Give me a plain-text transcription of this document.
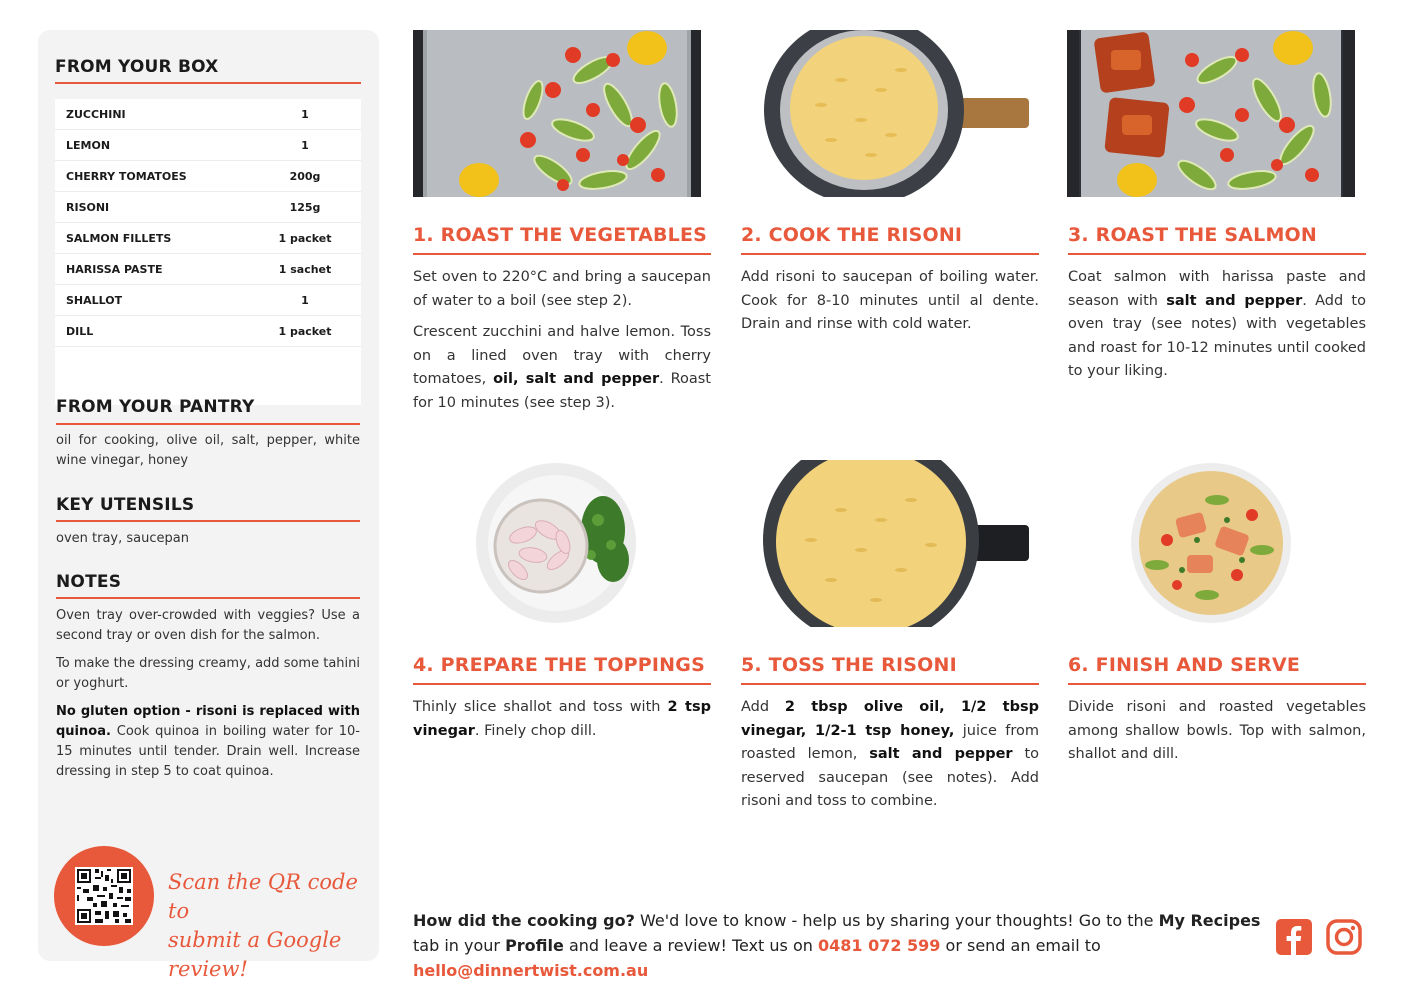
FROM YOUR BOX
ZUCCHINI	1
LEMON	1
CHERRY TOMATOES	200g
RISONI	125g
SALMON FILLETS	1 packet
HARISSA PASTE	1 sachet
SHALLOT	1
DILL	1 packet
FROM YOUR PANTRY
oil for cooking, olive oil, salt, pepper, white wine vinegar, honey
KEY UTENSILS
oven tray, saucepan
NOTES

Oven tray over-crowded with veggies? Use a second tray or oven dish for the salmon.

To make the dressing creamy, add some tahini or yoghurt.

No gluten option - risoni is replaced with quinoa. Cook quinoa in boiling water for 10-15 minutes until tender. Drain well. Increase dressing in step 5 to coat quinoa.

Scan the QR code to
submit a Google review!
1. ROAST THE VEGETABLES

Set oven to 220°C and bring a saucepan of water to a boil (see step 2).

Crescent zucchini and halve lemon. Toss on a lined oven tray with cherry tomatoes, oil, salt and pepper. Roast for 10 minutes (see step 3).

2. COOK THE RISONI

Add risoni to saucepan of boiling water. Cook for 8-10 minutes until al dente. Drain and rinse with cold water.

3. ROAST THE SALMON

Coat salmon with harissa paste and season with salt and pepper. Add to oven tray (see notes) with vegetables and roast for 10-12 minutes until cooked to your liking.

4. PREPARE THE TOPPINGS

Thinly slice shallot and toss with 2 tsp vinegar. Finely chop dill.

5. TOSS THE RISONI

Add 2 tbsp olive oil, 1/2 tbsp vinegar, 1/2-1 tsp honey, juice from roasted lemon, salt and pepper to reserved saucepan (see notes). Add risoni and toss to combine.

6. FINISH AND SERVE

Divide risoni and roasted vegetables among shallow bowls. Top with salmon, shallot and dill.

How did the cooking go? We'd love to know - help us by sharing your thoughts! Go to the My Recipes tab in your Profile and leave a review! Text us on 0481 072 599 or send an email to hello@dinnertwist.com.au
